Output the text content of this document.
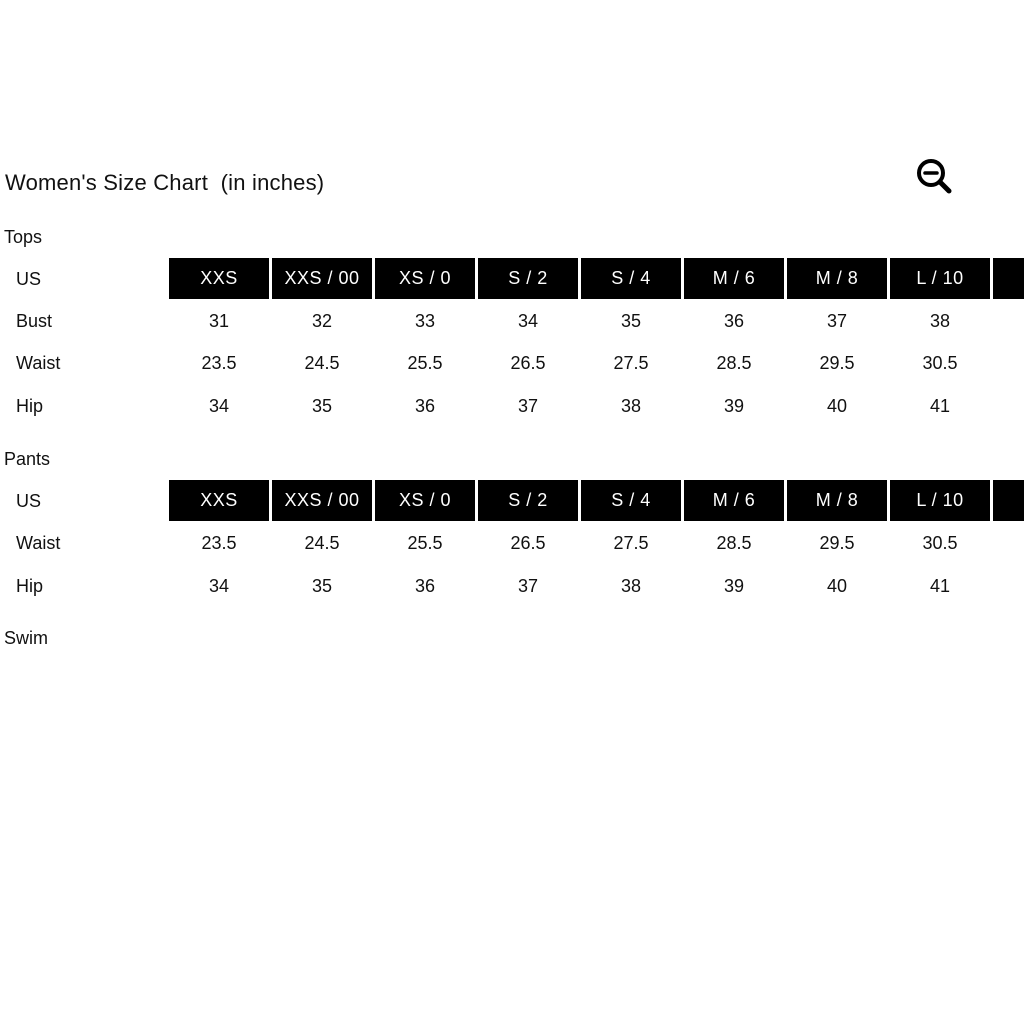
Women's Size Chart  (in inches)
Tops
US	XXS	XXS / 00	XS / 0	S / 2	S / 4	M / 6	M / 8	L / 10
Bust	31	32	33	34	35	36	37	38
Waist	23.5	24.5	25.5	26.5	27.5	28.5	29.5	30.5
Hip	34	35	36	37	38	39	40	41
Pants
US	XXS	XXS / 00	XS / 0	S / 2	S / 4	M / 6	M / 8	L / 10
Waist	23.5	24.5	25.5	26.5	27.5	28.5	29.5	30.5
Hip	34	35	36	37	38	39	40	41
Swim
